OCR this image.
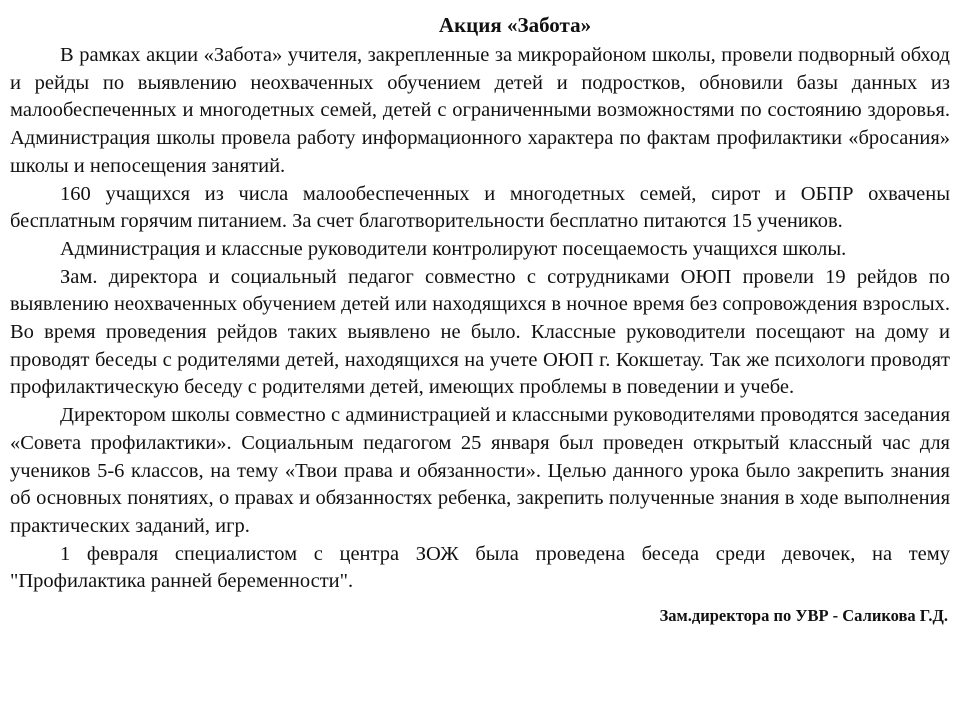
Акция «Забота»

В рамках акции «Забота» учителя, закрепленные за микрорайоном школы, провели подворный обход и рейды по выявлению неохваченных обучением детей и подростков, обновили базы данных из малообеспеченных и многодетных семей, детей с ограниченными возможностями по состоянию здоровья. Администрация школы провела работу информационного характера по фактам профилактики «бросания» школы и непосещения занятий.

160 учащихся из числа малообеспеченных и многодетных семей, сирот и ОБПР охвачены бесплатным горячим питанием. За счет благотворительности бесплатно питаются 15 учеников.

Администрация и классные руководители контролируют посещаемость учащихся школы.

Зам. директора и социальный педагог совместно с сотрудниками ОЮП провели 19 рейдов по выявлению неохваченных обучением детей или находящихся в ночное время без сопровождения взрослых. Во время проведения рейдов таких выявлено не было. Классные руководители посещают на дому и проводят беседы с родителями детей, находящихся на учете ОЮП г. Кокшетау. Так же психологи проводят профилактическую беседу с родителями детей, имеющих проблемы в поведении и учебе.

Директором школы совместно с администрацией и классными руководителями проводятся заседания «Совета профилактики». Социальным педагогом 25 января был проведен открытый классный час для учеников 5-6 классов, на тему «Твои права и обязанности». Целью данного урока было закрепить знания об основных понятиях, о правах и обязанностях ребенка, закрепить полученные знания в ходе выполнения практических заданий, игр.

1 февраля специалистом с центра ЗОЖ была проведена беседа среди девочек, на тему "Профилактика ранней беременности".

Зам.директора по УВР - Саликова Г.Д.
